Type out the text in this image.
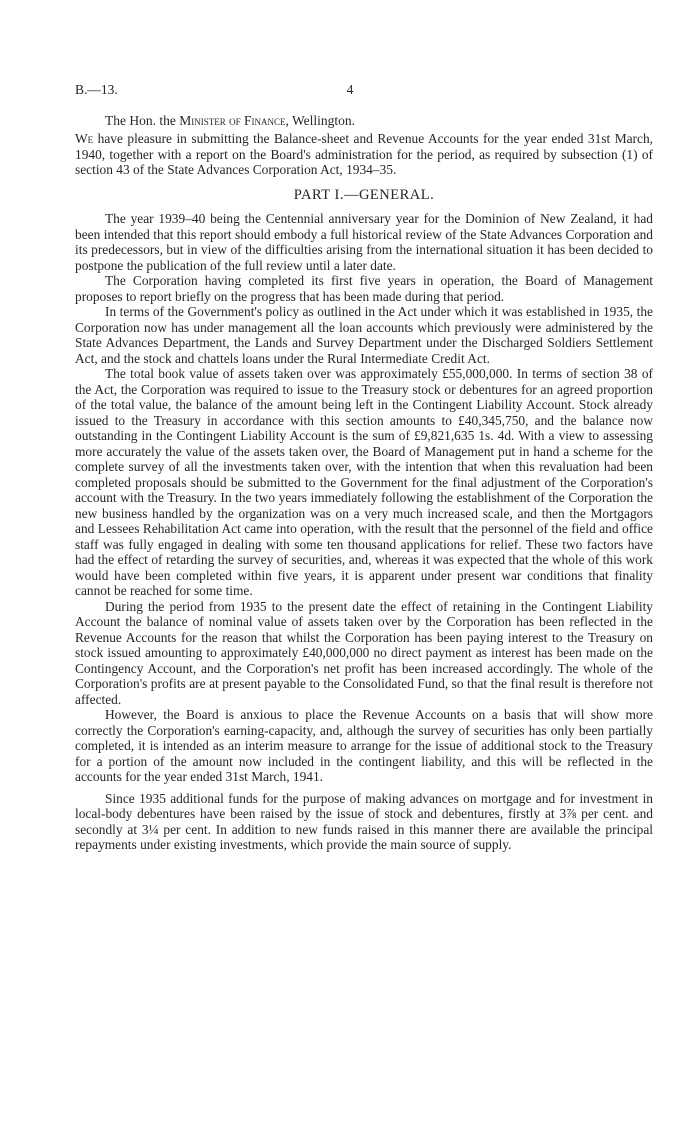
B.—13.	4
The Hon. the Minister of Finance, Wellington.

We have pleasure in submitting the Balance-sheet and Revenue Accounts for the year ended 31st March, 1940, together with a report on the Board's administration for the period, as required by subsection (1) of section 43 of the State Advances Corporation Act, 1934–35.

PART I.—GENERAL.

The year 1939–40 being the Centennial anniversary year for the Dominion of New Zealand, it had been intended that this report should embody a full historical review of the State Advances Corporation and its predecessors, but in view of the difficulties arising from the international situation it has been decided to postpone the publication of the full review until a later date.

The Corporation having completed its first five years in operation, the Board of Management proposes to report briefly on the progress that has been made during that period.

In terms of the Government's policy as outlined in the Act under which it was established in 1935, the Corporation now has under management all the loan accounts which previously were administered by the State Advances Department, the Lands and Survey Department under the Discharged Soldiers Settlement Act, and the stock and chattels loans under the Rural Intermediate Credit Act.

The total book value of assets taken over was approximately £55,000,000. In terms of section 38 of the Act, the Corporation was required to issue to the Treasury stock or debentures for an agreed proportion of the total value, the balance of the amount being left in the Contingent Liability Account. Stock already issued to the Treasury in accordance with this section amounts to £40,345,750, and the balance now outstanding in the Contingent Liability Account is the sum of £9,821,635 1s. 4d. With a view to assessing more accurately the value of the assets taken over, the Board of Management put in hand a scheme for the complete survey of all the investments taken over, with the intention that when this revaluation had been completed proposals should be submitted to the Government for the final adjustment of the Corporation's account with the Treasury. In the two years immediately following the establishment of the Corporation the new business handled by the organization was on a very much increased scale, and then the Mortgagors and Lessees Rehabilitation Act came into operation, with the result that the personnel of the field and office staff was fully engaged in dealing with some ten thousand applications for relief. These two factors have had the effect of retarding the survey of securities, and, whereas it was expected that the whole of this work would have been completed within five years, it is apparent under present war conditions that finality cannot be reached for some time.

During the period from 1935 to the present date the effect of retaining in the Contingent Liability Account the balance of nominal value of assets taken over by the Corporation has been reflected in the Revenue Accounts for the reason that whilst the Corporation has been paying interest to the Treasury on stock issued amounting to approximately £40,000,000 no direct payment as interest has been made on the Contingency Account, and the Corporation's net profit has been increased accordingly. The whole of the Corporation's profits are at present payable to the Consolidated Fund, so that the final result is therefore not affected.

However, the Board is anxious to place the Revenue Accounts on a basis that will show more correctly the Corporation's earning-capacity, and, although the survey of securities has only been partially completed, it is intended as an interim measure to arrange for the issue of additional stock to the Treasury for a portion of the amount now included in the contingent liability, and this will be reflected in the accounts for the year ended 31st March, 1941.

Since 1935 additional funds for the purpose of making advances on mortgage and for investment in local-body debentures have been raised by the issue of stock and debentures, firstly at 3⅞ per cent. and secondly at 3¼ per cent. In addition to new funds raised in this manner there are available the principal repayments under existing investments, which provide the main source of supply.
